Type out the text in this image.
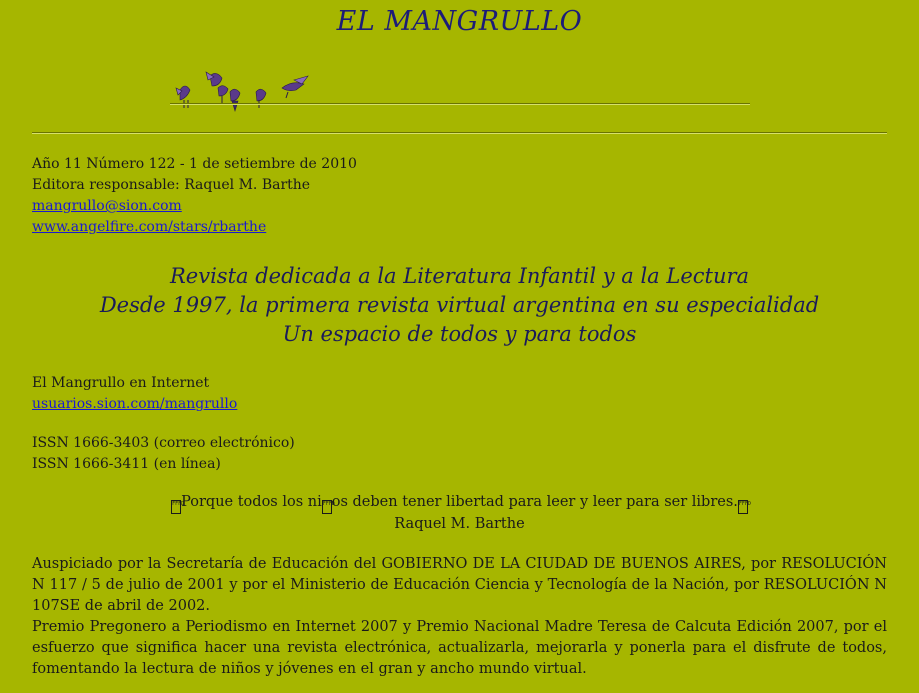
EL MANGRULLO
Año 11 Número 122 - 1 de setiembre de 2010
Editora responsable: Raquel M. Barthe
mangrullo@sion.com
www.angelfire.com/stars/rbarthe
Revista dedicada a la Literatura Infantil y a la Lectura
Desde 1997, la primera revista virtual argentina en su especialidad
Un espacio de todos y para todos
El Mangrullo en Internet
usuarios.sion.com/mangrullo
ISSN 1666-3403 (correo electrónico)
ISSN 1666-3411 (en línea)
FFFDPorque todos los niFFFDos deben tener libertad para leer y leer para ser libres.FFFD
Raquel M. Barthe
Auspiciado por la Secretaría de Educación del GOBIERNO DE LA CIUDAD DE BUENOS AIRES, por RESOLUCIÓN N 117 / 5 de julio de 2001 y por el Ministerio de Educación Ciencia y Tecnología de la Nación, por RESOLUCIÓN N 107SE de abril de 2002.
Premio Pregonero a Periodismo en Internet 2007 y Premio Nacional Madre Teresa de Calcuta Edición 2007, por el esfuerzo que significa hacer una revista electrónica, actualizarla, mejorarla y ponerla para el disfrute de todos, fomentando la lectura de niños y jóvenes en el gran y ancho mundo virtual.
